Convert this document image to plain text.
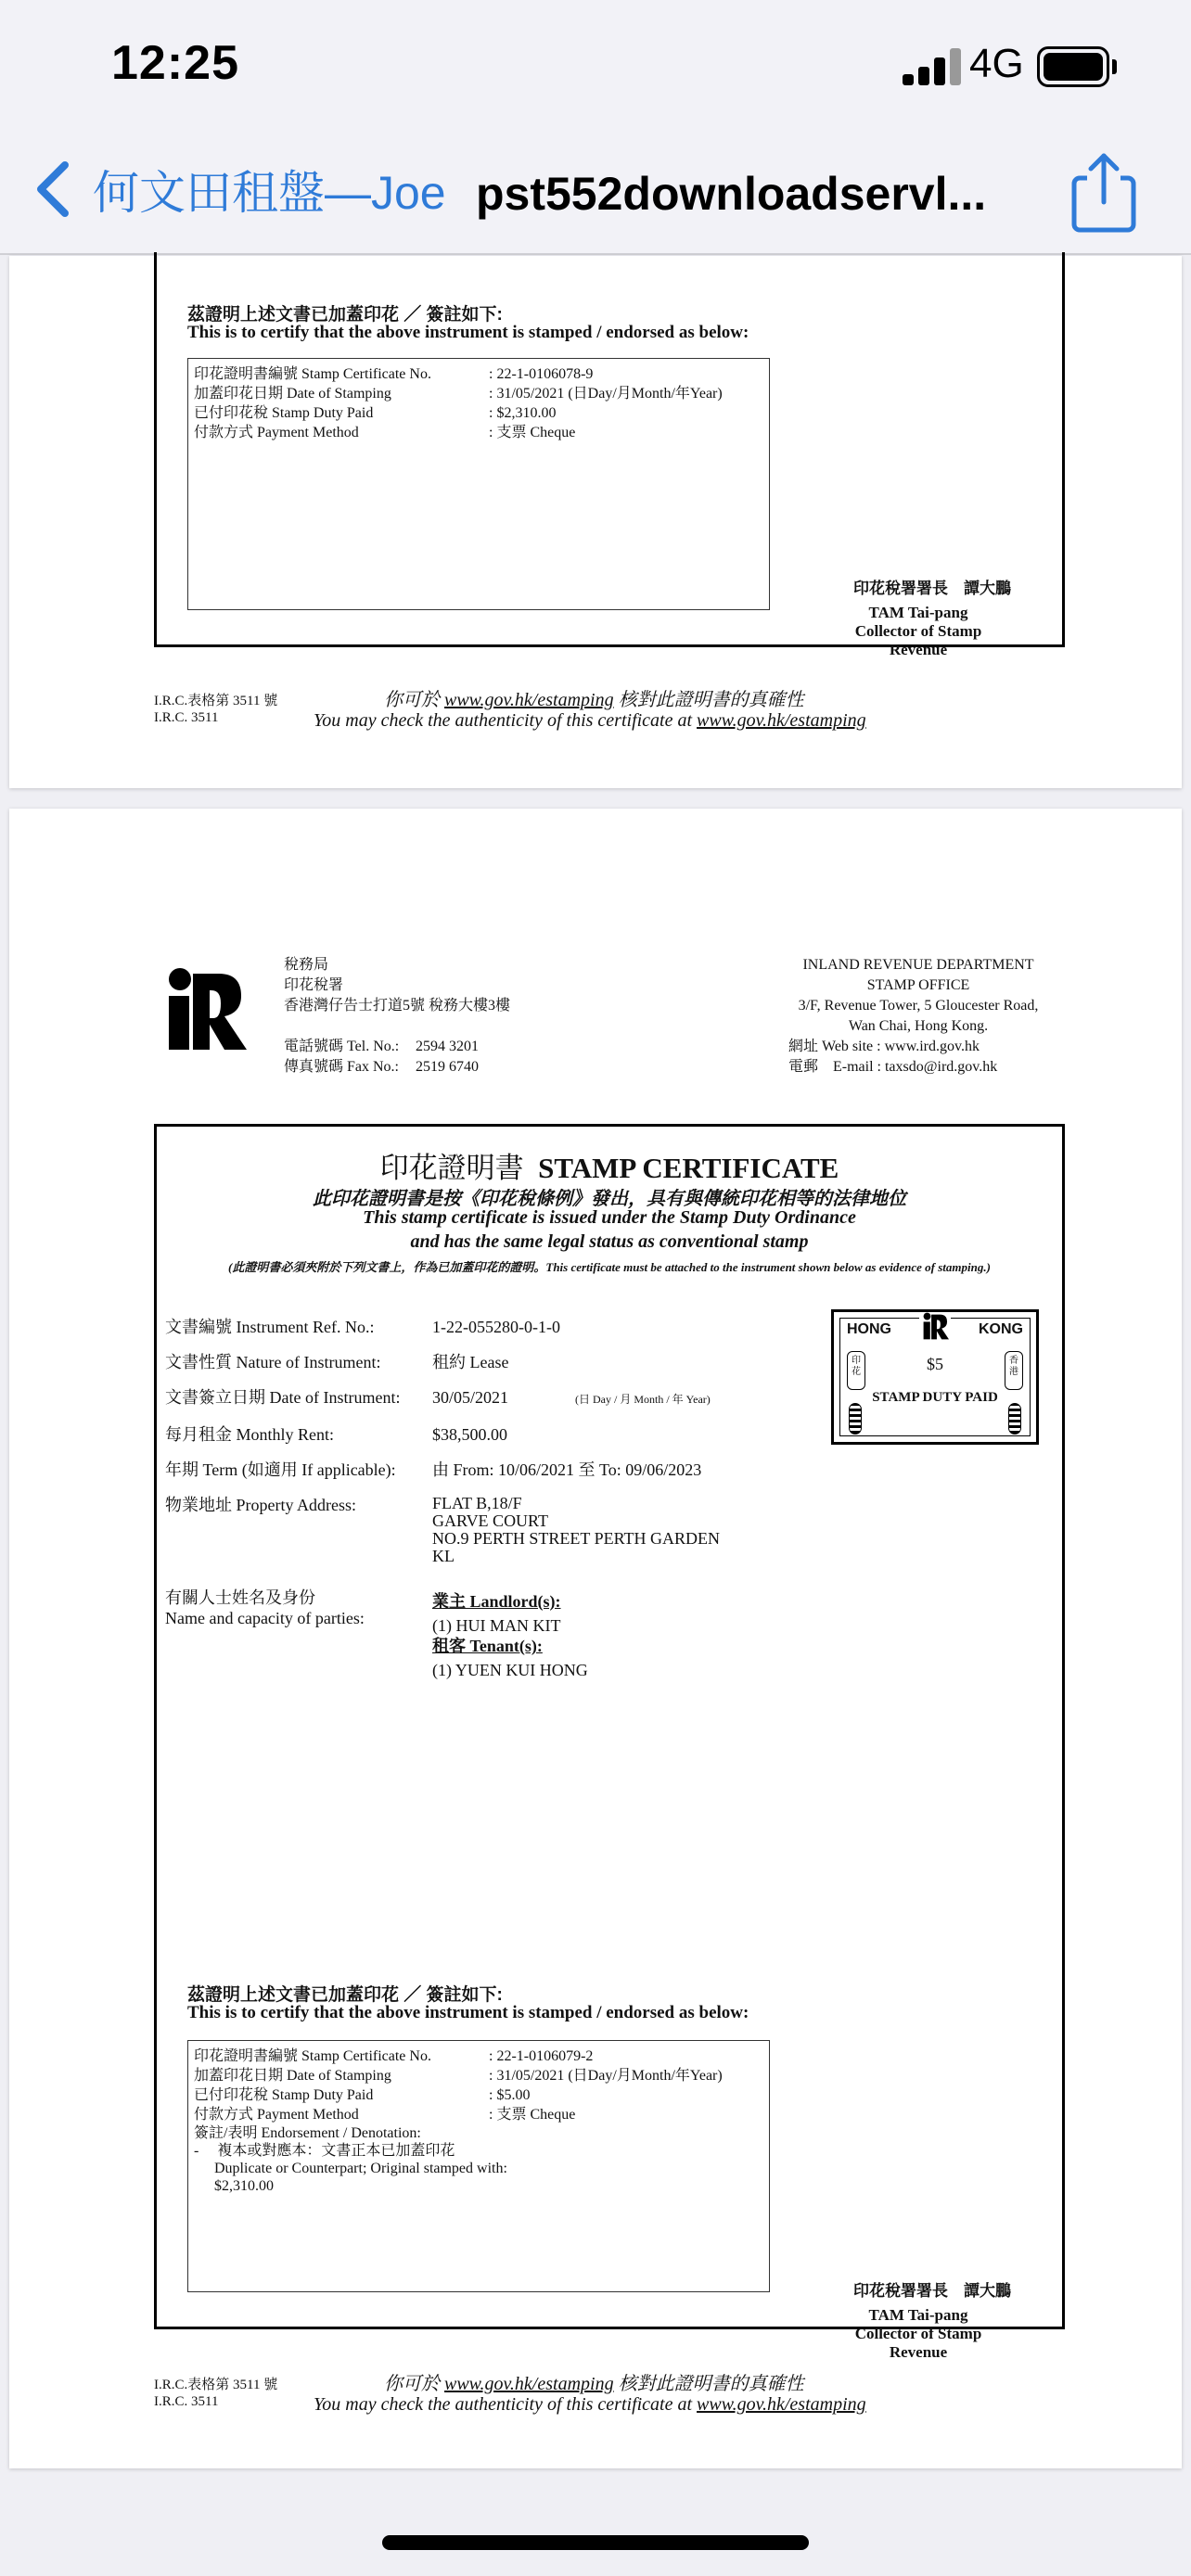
12:25	4G
何文田租盤—Joe pst552downloadservl...
茲證明上述文書已加蓋印花 ／ 簽註如下:
This is to certify that the above instrument is stamped / endorsed as below:
印花證明書編號 Stamp Certificate No.	: 22-1-0106078-9
加蓋印花日期 Date of Stamping	: 31/05/2021 (日Day/月Month/年Year)
已付印花稅 Stamp Duty Paid	: $2,310.00
付款方式 Payment Method	: 支票 Cheque
印花稅署署長　譚大鵬
TAM Tai-pang
Collector of Stamp Revenue
I.R.C.表格第 3511 號
I.R.C. 3511
你可於 www.gov.hk/estamping 核對此證明書的真確性
You may check the authenticity of this certificate at www.gov.hk/estamping
稅務局
印花稅署
香港灣仔告士打道5號 稅務大樓3樓
INLAND REVENUE DEPARTMENT
STAMP OFFICE
3/F, Revenue Tower, 5 Gloucester Road,
Wan Chai, Hong Kong.
電話號碼 Tel. No.: 2594 3201
傳真號碼 Fax No.: 2519 6740
網址 Web site : www.ird.gov.hk
電郵　E-mail : taxsdo@ird.gov.hk
印花證明書 STAMP CERTIFICATE
此印花證明書是按《印花稅條例》發出，具有與傳統印花相等的法律地位
This stamp certificate is issued under the Stamp Duty Ordinance
and has the same legal status as conventional stamp
(此證明書必須夾附於下列文書上，作為已加蓋印花的證明。This certificate must be attached to the instrument shown below as evidence of stamping.)
文書編號 Instrument Ref. No.:	1-22-055280-0-1-0
文書性質 Nature of Instrument:	租約 Lease
文書簽立日期 Date of Instrument:	30/05/2021	(日 Day / 月 Month / 年 Year)
每月租金 Monthly Rent:	$38,500.00
年期 Term (如適用 If applicable):	由 From: 10/06/2021 至 To: 09/06/2023
物業地址 Property Address:	FLAT B,18/F
GARVE COURT
NO.9 PERTH STREET PERTH GARDEN
KL
有關人士姓名及身份
Name and capacity of parties:
業主 Landlord(s):
(1) HUI MAN KIT
租客 Tenant(s):
(1) YUEN KUI HONG
HONG	KONG
印花
香港
$5
STAMP DUTY PAID
茲證明上述文書已加蓋印花 ／ 簽註如下:
This is to certify that the above instrument is stamped / endorsed as below:
印花證明書編號 Stamp Certificate No.	: 22-1-0106079-2
加蓋印花日期 Date of Stamping	: 31/05/2021 (日Day/月Month/年Year)
已付印花稅 Stamp Duty Paid	: $5.00
付款方式 Payment Method	: 支票 Cheque
簽註/表明 Endorsement / Denotation:
-　 複本或對應本：文書正本已加蓋印花
Duplicate or Counterpart; Original stamped with:
$2,310.00
印花稅署署長　譚大鵬
TAM Tai-pang
Collector of Stamp Revenue
I.R.C.表格第 3511 號
I.R.C. 3511
你可於 www.gov.hk/estamping 核對此證明書的真確性
You may check the authenticity of this certificate at www.gov.hk/estamping
